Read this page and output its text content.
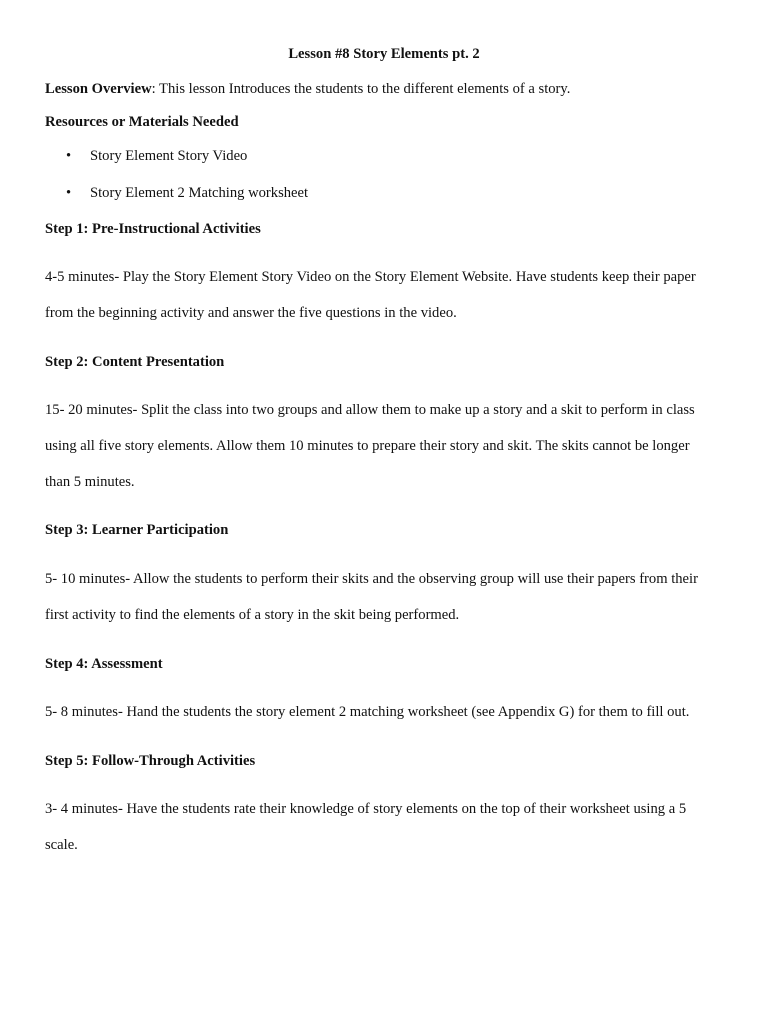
Lesson #8 Story Elements pt. 2

Lesson Overview: This lesson Introduces the students to the different elements of a story.

Resources or Materials Needed

• Story Element Story Video

• Story Element 2 Matching worksheet

Step 1: Pre-Instructional Activities

4-5 minutes- Play the Story Element Story Video on the Story Element Website. Have students keep their paper

from the beginning activity and answer the five questions in the video.

Step 2: Content Presentation

15- 20 minutes- Split the class into two groups and allow them to make up a story and a skit to perform in class

using all five story elements. Allow them 10 minutes to prepare their story and skit. The skits cannot be longer

than 5 minutes.

Step 3: Learner Participation

5- 10 minutes- Allow the students to perform their skits and the observing group will use their papers from their

first activity to find the elements of a story in the skit being performed.

Step 4: Assessment

5- 8 minutes- Hand the students the story element 2 matching worksheet (see Appendix G) for them to fill out.

Step 5: Follow-Through Activities

3- 4 minutes- Have the students rate their knowledge of story elements on the top of their worksheet using a 5

scale.
